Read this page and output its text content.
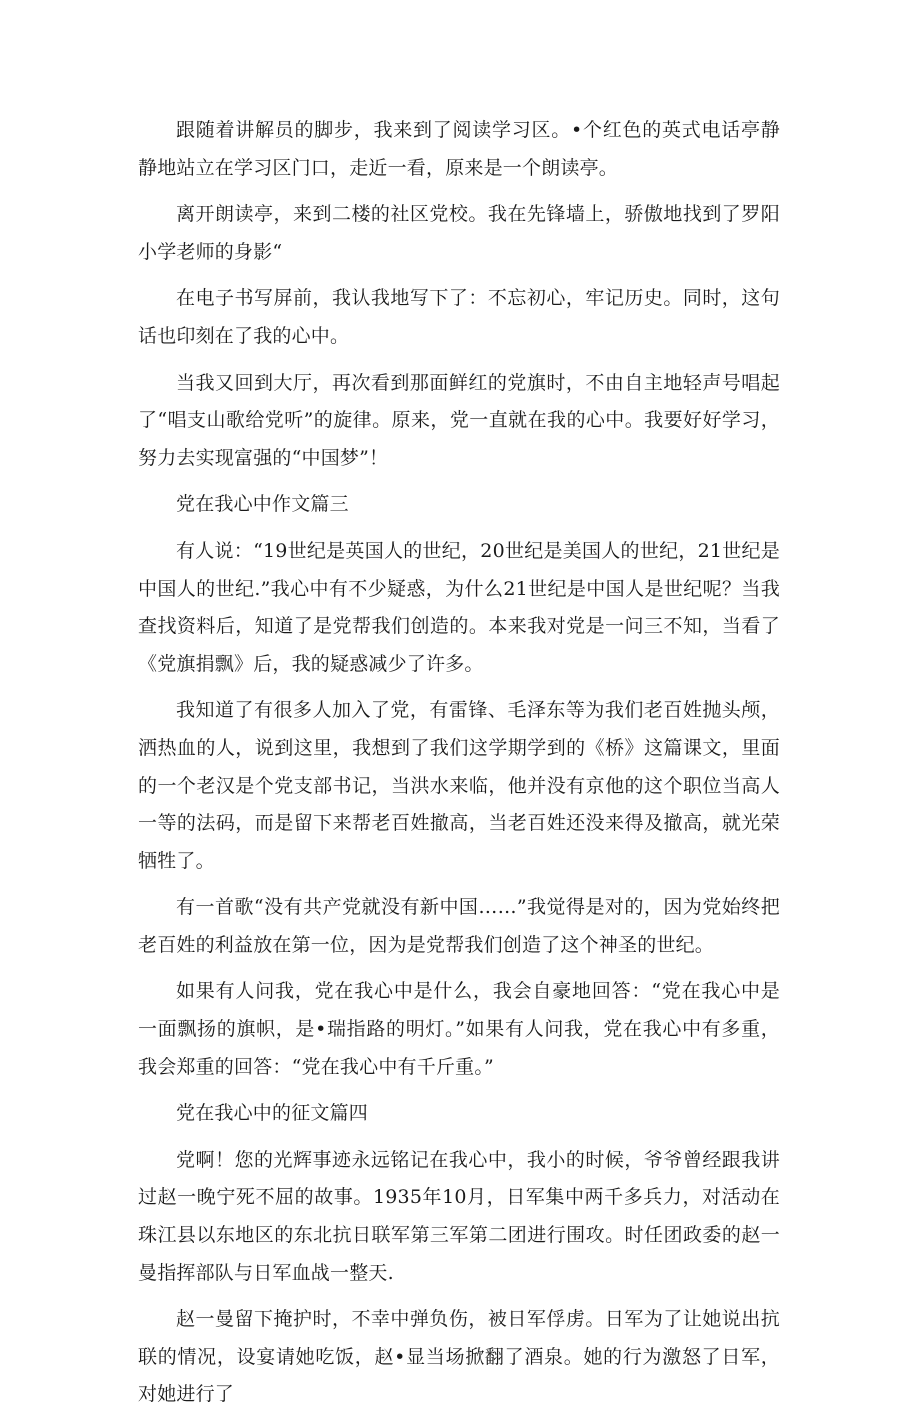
跟随着讲解员的脚步，我来到了阅读学习区。•个红色的英式电话亭静静地站立在学习区门口，走近一看，原来是一个朗读亭。

离开朗读亭，来到二楼的社区党校。我在先锋墙上，骄傲地找到了罗阳小学老师的身影“

在电子书写屏前，我认我地写下了：不忘初心，牢记历史。同时，这句话也印刻在了我的心中。

当我又回到大厅，再次看到那面鲜红的党旗时，不由自主地轻声号唱起了“唱支山歌给党听”的旋律。原来，党一直就在我的心中。我要好好学习，努力去实现富强的“中国梦”！

党在我心中作文篇三

有人说：“19世纪是英国人的世纪，20世纪是美国人的世纪，21世纪是中国人的世纪.”我心中有不少疑惑，为什么21世纪是中国人是世纪呢？当我查找资料后，知道了是党帮我们创造的。本来我对党是一问三不知，当看了《党旗捐飘》后，我的疑惑减少了许多。

我知道了有很多人加入了党，有雷锋、毛泽东等为我们老百姓抛头颅，洒热血的人，说到这里，我想到了我们这学期学到的《桥》这篇课文，里面的一个老汉是个党支部书记，当洪水来临，他并没有京他的这个职位当高人一等的法码，而是留下来帮老百姓撤高，当老百姓还没来得及撤高，就光荣牺牲了。

有一首歌“没有共产党就没有新中国……”我觉得是对的，因为党始终把老百姓的利益放在第一位，因为是党帮我们创造了这个神圣的世纪。

如果有人问我，党在我心中是什么，我会自豪地回答：“党在我心中是一面飘扬的旗帜，是•瑞指路的明灯。”如果有人问我，党在我心中有多重，我会郑重的回答：“党在我心中有千斤重。”

党在我心中的征文篇四

党啊！您的光辉事迹永远铭记在我心中，我小的时候，爷爷曾经跟我讲过赵一晚宁死不屈的故事。1935年10月，日军集中两千多兵力，对活动在珠江县以东地区的东北抗日联军第三军第二团进行围攻。时任团政委的赵一曼指挥部队与日军血战一整天.

赵一曼留下掩护时，不幸中弹负伤，被日军俘虏。日军为了让她说出抗联的情况，设宴请她吃饭，赵•显当场掀翻了酒泉。她的行为激怒了日军，对她进行了
